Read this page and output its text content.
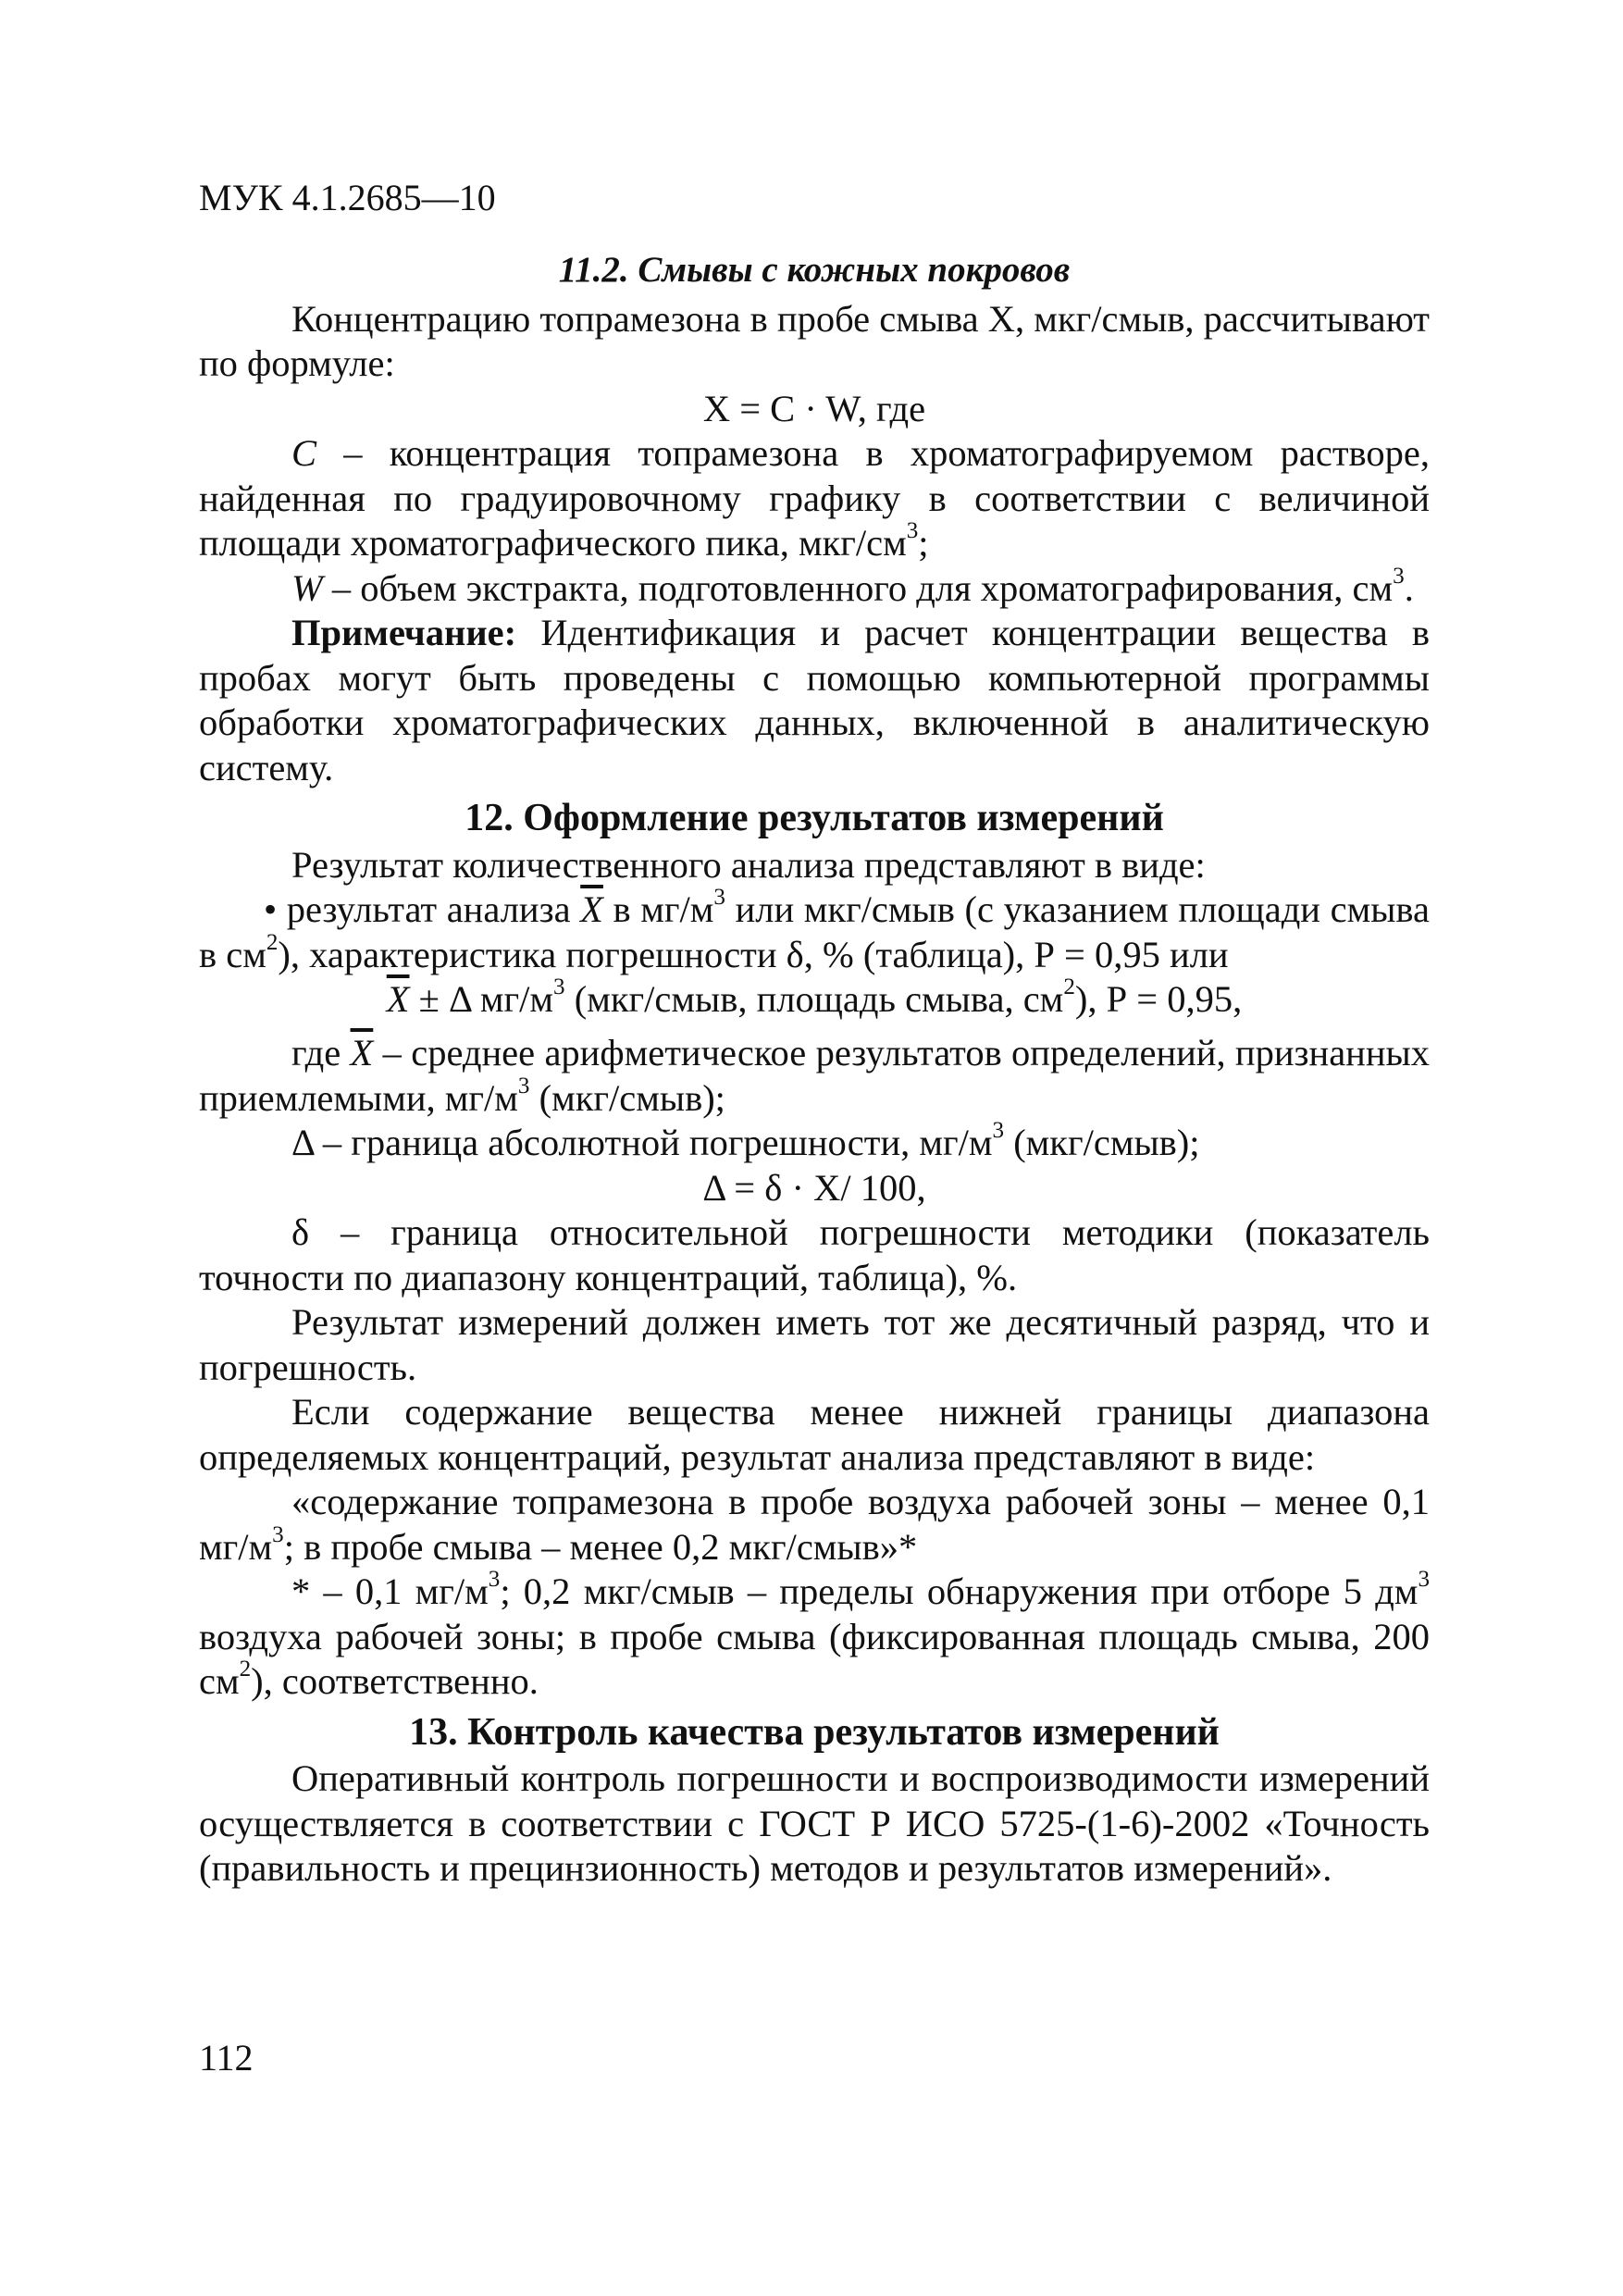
МУК 4.1.2685—10

11.2. Смывы с кожных покровов

Концентрацию топрамезона в пробе смыва X, мкг/смыв, рассчитывают по формуле:

X = C · W, где

С – концентрация топрамезона в хроматографируемом растворе, найденная по градуировочному графику в соответствии с величиной площади хроматографического пика, мкг/$см^3$;

W – объем экстракта, подготовленного для хроматографирования, $см^3$.

Примечание: Идентификация и расчет концентрации вещества в пробах могут быть проведены с помощью компьютерной программы обработки хроматографических данных, включенной в аналитическую систему.

12. Оформление результатов измерений

Результат количественного анализа представляют в виде:

• результат анализа $\overline{X}$ в $мг/м^3$ или мкг/смыв (с указанием площади смыва в $см^2$), характеристика погрешности δ, % (таблица), Р = 0,95 или

$\overline{X} \pm \Delta$ $мг/м^3$ (мкг/смыв, площадь смыва, $см^2$), Р = 0,95,

где $\overline{X}$ – среднее арифметическое результатов определений, признанных приемлемыми, $мг/м^3$ (мкг/смыв);

Δ – граница абсолютной погрешности, $мг/м^3$ (мкг/смыв);

Δ = δ · X/ 100,

δ – граница относительной погрешности методики (показатель точности по диапазону концентраций, таблица), %.

Результат измерений должен иметь тот же десятичный разряд, что и погрешность.

Если содержание вещества менее нижней границы диапазона определяемых концентраций, результат анализа представляют в виде:

«содержание топрамезона в пробе воздуха рабочей зоны – менее 0,1 $мг/м^3$; в пробе смыва – менее 0,2 мкг/смыв»*

* – 0,1 $мг/м^3$; 0,2 мкг/смыв – пределы обнаружения при отборе 5 $дм^3$ воздуха рабочей зоны; в пробе смыва (фиксированная площадь смыва, 200 $см^2$), соответственно.

13. Контроль качества результатов измерений

Оперативный контроль погрешности и воспроизводимости измерений осуществляется в соответствии с ГОСТ Р ИСО 5725-(1-6)-2002 «Точность (правильность и прецинзионность) методов и результатов измерений».

112
